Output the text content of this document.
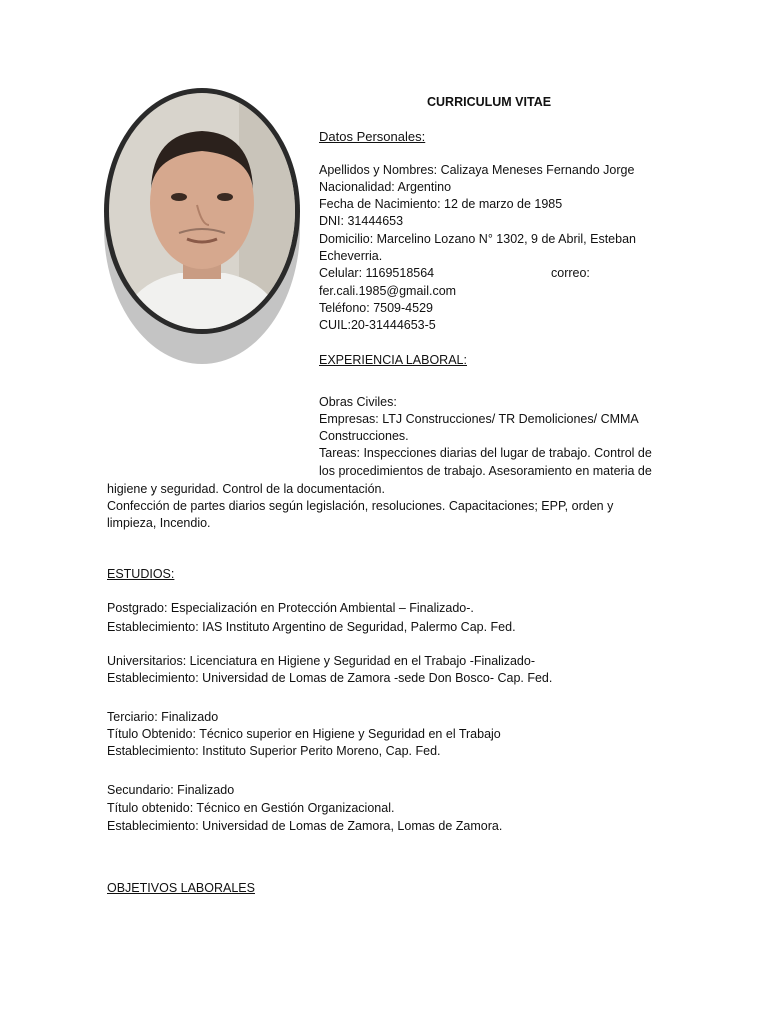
CURRICULUM VITAE
Datos Personales:
Apellidos y Nombres: Calizaya Meneses Fernando Jorge
Nacionalidad: Argentino
Fecha de Nacimiento: 12 de marzo de 1985
DNI: 31444653
Domicilio: Marcelino Lozano N° 1302, 9 de Abril, Esteban
Echeverria.
Celular: 1169518564	correo:
fer.cali.1985@gmail.com
Teléfono: 7509-4529
CUIL:20-31444653-5
EXPERIENCIA LABORAL:
Obras Civiles:
Empresas: LTJ Construcciones/ TR Demoliciones/ CMMA
Construcciones.
Tareas: Inspecciones diarias del lugar de trabajo. Control de
los procedimientos de trabajo. Asesoramiento en materia de
higiene y seguridad. Control de la documentación.
Confección de partes diarios según legislación, resoluciones. Capacitaciones; EPP, orden y
limpieza, Incendio.
ESTUDIOS:
Postgrado: Especialización en Protección Ambiental – Finalizado-.
Establecimiento: IAS Instituto Argentino de Seguridad, Palermo Cap. Fed.
Universitarios: Licenciatura en Higiene y Seguridad en el Trabajo -Finalizado-
Establecimiento: Universidad de Lomas de Zamora -sede Don Bosco- Cap. Fed.
Terciario: Finalizado
Título Obtenido: Técnico superior en Higiene y Seguridad en el Trabajo
Establecimiento: Instituto Superior Perito Moreno, Cap. Fed.
Secundario: Finalizado
Título obtenido: Técnico en Gestión Organizacional.
Establecimiento: Universidad de Lomas de Zamora, Lomas de Zamora.
OBJETIVOS LABORALES
